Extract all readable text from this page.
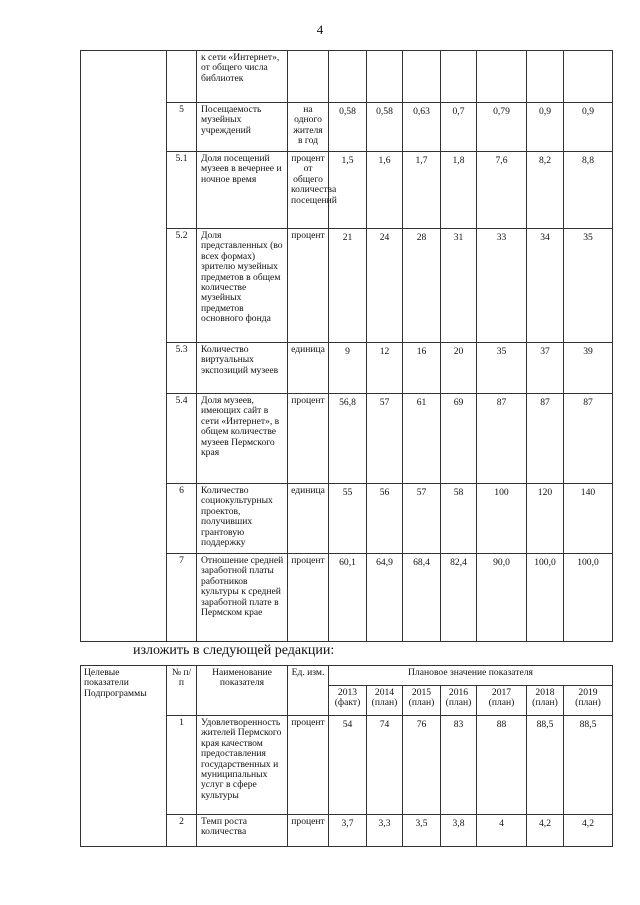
4
		к сети «Интернет», от общего числа библиотек								
	5	Посещаемость музейных учреждений	на одного жителя в год	0,58	0,58	0,63	0,7	0,79	0,9	0,9
	5.1	Доля посещений музеев в вечернее и ночное время	процент от общего количества посещений	1,5	1,6	1,7	1,8	7,6	8,2	8,8
	5.2	Доля представленных (во всех формах) зрителю музейных предметов в общем количестве музейных предметов основного фонда	процент	21	24	28	31	33	34	35
	5.3	Количество виртуальных экспозиций музеев	единица	9	12	16	20	35	37	39
	5.4	Доля музеев, имеющих сайт в сети «Интернет», в общем количестве музеев Пермского края	процент	56,8	57	61	69	87	87	87
	6	Количество социокультурных проектов, получивших грантовую поддержку	единица	55	56	57	58	100	120	140
	7	Отношение средней заработной платы работников культуры к средней заработной плате в Пермском крае	процент	60,1	64,9	68,4	82,4	90,0	100,0	100,0
изложить в следующей редакции:
Целевые показатели Подпрограммы	№ п/п	Наименование показателя	Ед. изм.	Плановое значение показателя						
				2013 (факт)	2014 (план)	2015 (план)	2016 (план)	2017 (план)	2018 (план)	2019 (план)
	1	Удовлетворенность жителей Пермского края качеством предоставления государственных и муниципальных услуг в сфере культуры	процент	54	74	76	83	88	88,5	88,5
	2	Темп роста количества	процент	3,7	3,3	3,5	3,8	4	4,2	4,2
